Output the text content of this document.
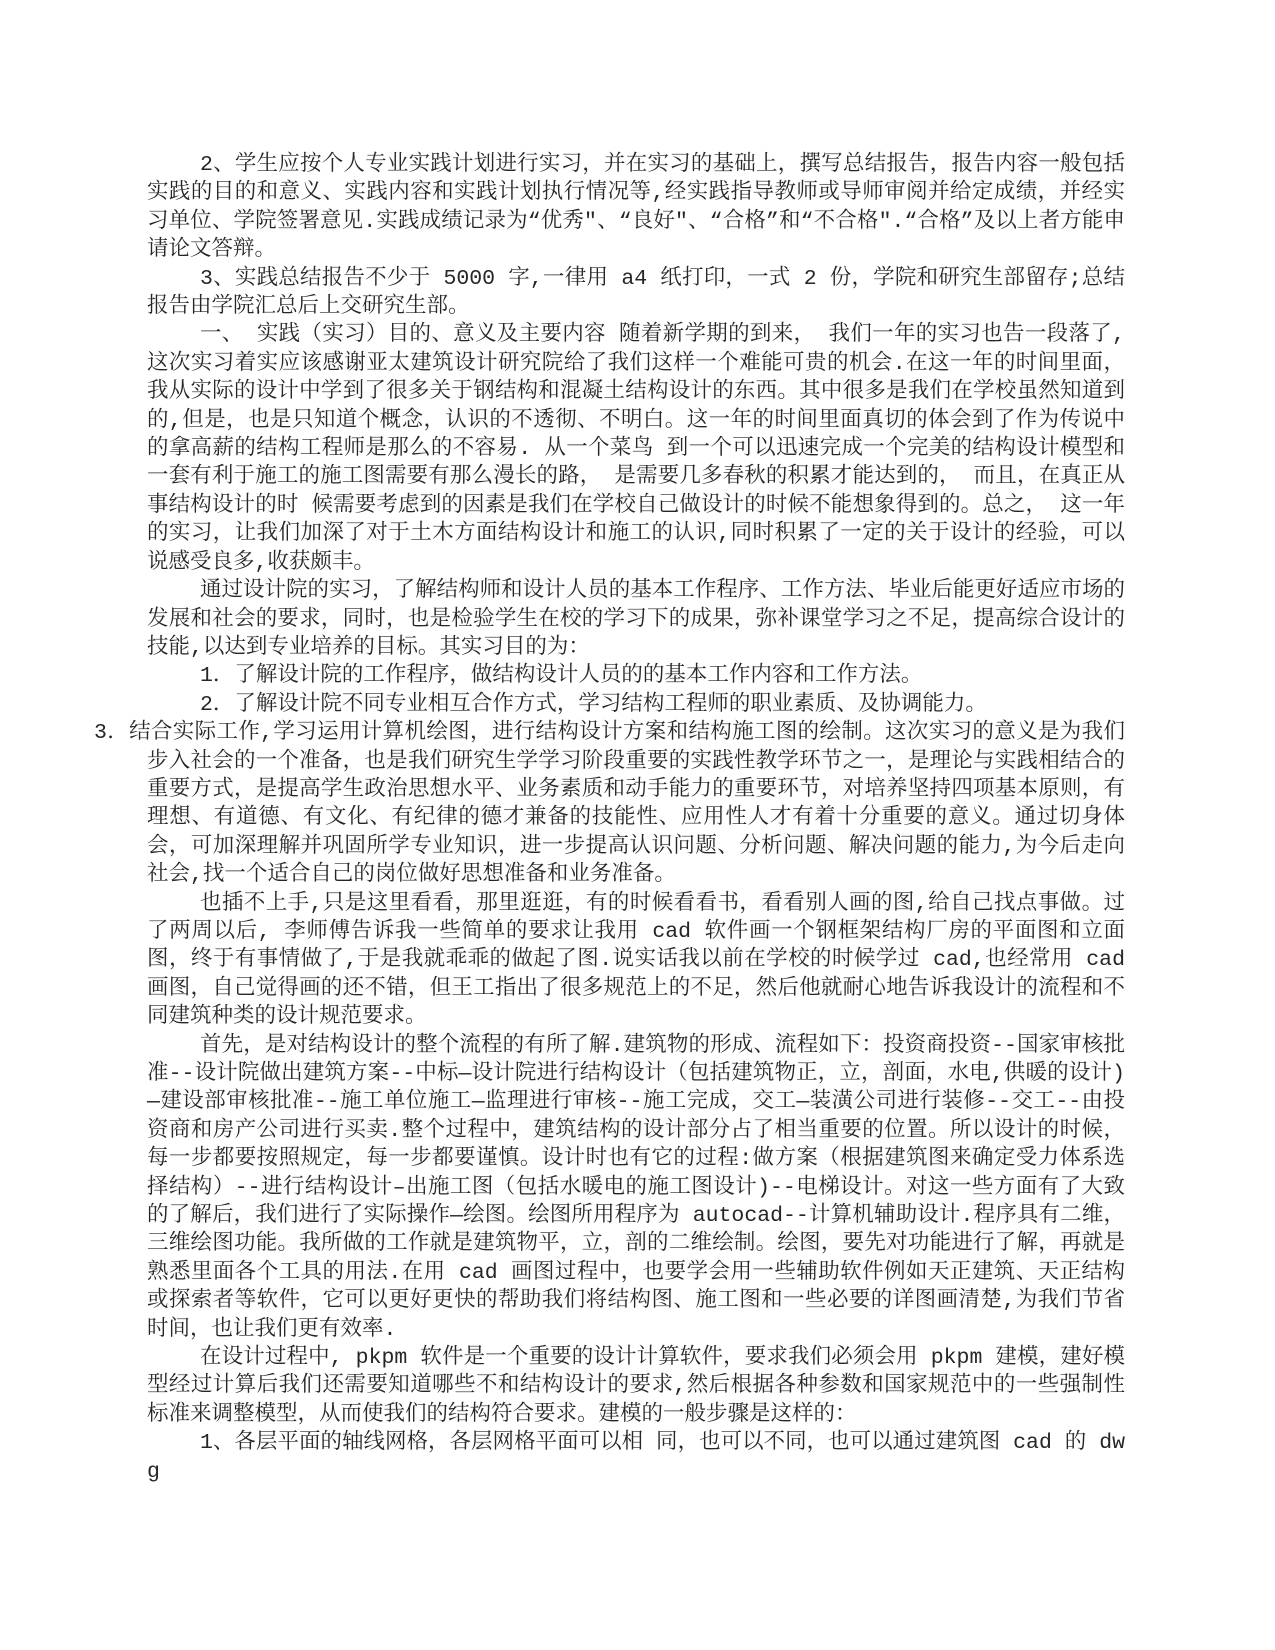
2、学生应按个人专业实践计划进行实习，并在实习的基础上，撰写总结报告，报告内容一般包括实践的目的和意义、实践内容和实践计划执行情况等,经实践指导教师或导师审阅并给定成绩，并经实习单位、学院签署意见.实践成绩记录为“优秀"、“良好"、“合格”和“不合格".“合格”及以上者方能申请论文答辩。

3、实践总结报告不少于 5000 字,一律用 a4 纸打印，一式 2 份，学院和研究生部留存;总结报告由学院汇总后上交研究生部。

一、 实践（实习）目的、意义及主要内容 随着新学期的到来， 我们一年的实习也告一段落了,这次实习着实应该感谢亚太建筑设计研究院给了我们这样一个难能可贵的机会.在这一年的时间里面，我从实际的设计中学到了很多关于钢结构和混凝土结构设计的东西。其中很多是我们在学校虽然知道到的,但是，也是只知道个概念，认识的不透彻、不明白。这一年的时间里面真切的体会到了作为传说中的拿高薪的结构工程师是那么的不容易. 从一个菜鸟 到一个可以迅速完成一个完美的结构设计模型和一套有利于施工的施工图需要有那么漫长的路， 是需要几多春秋的积累才能达到的， 而且，在真正从事结构设计的时 候需要考虑到的因素是我们在学校自己做设计的时候不能想象得到的。总之， 这一年的实习，让我们加深了对于土木方面结构设计和施工的认识,同时积累了一定的关于设计的经验，可以说感受良多,收获颇丰。

通过设计院的实习，了解结构师和设计人员的基本工作程序、工作方法、毕业后能更好适应市场的发展和社会的要求，同时，也是检验学生在校的学习下的成果，弥补课堂学习之不足，提高综合设计的技能,以达到专业培养的目标。其实习目的为：

1．了解设计院的工作程序，做结构设计人员的的基本工作内容和工作方法。

2．了解设计院不同专业相互合作方式，学习结构工程师的职业素质、及协调能力。

3．结合实际工作,学习运用计算机绘图，进行结构设计方案和结构施工图的绘制。这次实习的意义是为我们步入社会的一个准备，也是我们研究生学学习阶段重要的实践性教学环节之一，是理论与实践相结合的重要方式，是提高学生政治思想水平、业务素质和动手能力的重要环节，对培养坚持四项基本原则，有理想、有道德、有文化、有纪律的德才兼备的技能性、应用性人才有着十分重要的意义。通过切身体会，可加深理解并巩固所学专业知识，进一步提高认识问题、分析问题、解决问题的能力,为今后走向社会,找一个适合自己的岗位做好思想准备和业务准备。

也插不上手,只是这里看看，那里逛逛，有的时候看看书，看看别人画的图,给自己找点事做。过了两周以后, 李师傅告诉我一些简单的要求让我用 cad 软件画一个钢框架结构厂房的平面图和立面图，终于有事情做了,于是我就乖乖的做起了图.说实话我以前在学校的时候学过 cad,也经常用 cad 画图，自己觉得画的还不错，但王工指出了很多规范上的不足，然后他就耐心地告诉我设计的流程和不同建筑种类的设计规范要求。

首先，是对结构设计的整个流程的有所了解.建筑物的形成、流程如下：投资商投资--国家审核批准--设计院做出建筑方案--中标—设计院进行结构设计（包括建筑物正，立，剖面，水电,供暖的设计)—建设部审核批准--施工单位施工—监理进行审核--施工完成，交工—装潢公司进行装修--交工--由投资商和房产公司进行买卖.整个过程中，建筑结构的设计部分占了相当重要的位置。所以设计的时候，每一步都要按照规定，每一步都要谨慎。设计时也有它的过程:做方案（根据建筑图来确定受力体系选择结构）--进行结构设计–出施工图（包括水暖电的施工图设计)--电梯设计。对这一些方面有了大致的了解后，我们进行了实际操作—绘图。绘图所用程序为 autocad--计算机辅助设计.程序具有二维，三维绘图功能。我所做的工作就是建筑物平，立，剖的二维绘制。绘图，要先对功能进行了解，再就是熟悉里面各个工具的用法.在用 cad 画图过程中，也要学会用一些辅助软件例如天正建筑、天正结构或探索者等软件，它可以更好更快的帮助我们将结构图、施工图和一些必要的详图画清楚,为我们节省时间，也让我们更有效率.

在设计过程中, pkpm 软件是一个重要的设计计算软件，要求我们必须会用 pkpm 建模，建好模型经过计算后我们还需要知道哪些不和结构设计的要求,然后根据各种参数和国家规范中的一些强制性标准来调整模型，从而使我们的结构符合要求。建模的一般步骤是这样的：

1、各层平面的轴线网格，各层网格平面可以相 同，也可以不同，也可以通过建筑图 cad 的 dwg
